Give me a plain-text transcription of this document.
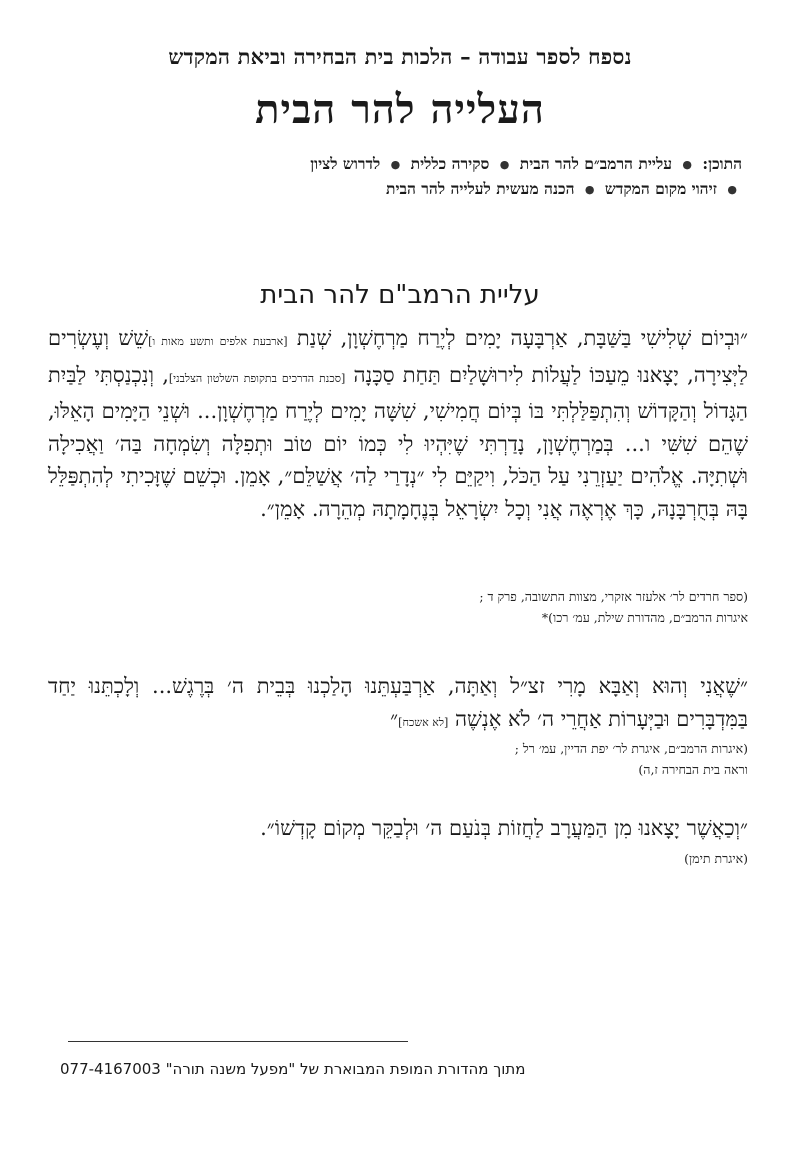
נספח לספר עבודה – הלכות בית הבחירה וביאת המקדש
העלייה להר הבית
התוכן: ● עליית הרמב״ם להר הבית ● סקירה כללית ● לדרוש לציון
● זיהוי מקום המקדש ● הכנה מעשית לעלייה להר הבית
עליית הרמב"ם להר הבית
״וּבְיוֹם שְׁלִישִׁי בַּשַּׁבָּת, אַרְבָּעָה יָמִים לְיֶרַח מַרְחֶשְׁוָן, שְׁנַת [ארבעת אלפים ותשע מאות ו]שֵׁשׁ וְעֶשְׂרִים לַיְּצִירָה, יָצָאנוּ מֵעַכּוֹ לַעֲלוֹת לִירוּשָׁלַיִם תַּחַת סַכָּנָה [סכנת הדרכים בתקופת השלטון הצלבני], וְנִכְנַסְתִּי לַבַּיִת הַגָּדוֹל וְהַקָּדוֹשׁ וְהִתְפַּלַּלְתִּי בּוֹ בְּיוֹם חֲמִישִׁי, שִׁשָּׁה יָמִים לְיֶרַח מַרְחֶשְׁוָן... וּשְׁנֵי הַיָּמִים הָאֵלּוּ, שֶׁהֵם שִׁשִּׁי ו... בְּמַרְחֶשְׁוָן, נָדַרְתִּי שֶׁיִּהְיוּ לִי כְּמוֹ יוֹם טוֹב וּתְפִלָּה וְשִׂמְחָה בַּה׳ וַאֲכִילָה וּשְׁתִיָּה. אֱלֹהִים יַעַזְרֵנִי עַל הַכֹּל, וִיקַיֵּם לִי ״נְדָרַי לַה׳ אֲשַׁלֵּם״, אָמֵן. וּכְשֵׁם שֶׁזָּכִיתִי לְהִתְפַּלֵּל בָּהּ בְּחֻרְבָּנָהּ, כָּךְ אֶרְאֶה אֲנִי וְכָל יִשְׂרָאֵל בְּנֶחָמָתָהּ מְהֵרָה. אָמֵן״.
(ספר חרדים לר׳ אלעזר אזקרי, מצוות התשובה, פרק ד ;
איגרות הרמב״ם, מהדורת שילת, עמ׳ רכו)*
״שֶׁאֲנִי וְהוּא וְאַבָּא מָרִי זצ״ל וְאַתָּה, אַרְבַּעְתֵּנוּ הָלַכְנוּ בְּבֵית ה׳ בְּרֶגֶשׁ... וְלָכְתֵּנוּ יַחַד בַּמִּדְבָּרִים וּבַיְּעָרוֹת אַחֲרֵי ה׳ לֹא אֶנְשֶׁה [לא אשכח]״
(איגרות הרמב״ם, איגרת לר׳ יפת הדיין, עמ׳ רל ;
וראה בית הבחירה ז,ה)
״וְכַאֲשֶׁר יָצָאנוּ מִן הַמַּעֲרָב לַחֲזוֹת בְּנֹעַם ה׳ וּלְבַקֵּר מְקוֹם קָדְשׁוֹ״.
(איגרת תימן)
מתוך מהדורת המופת המבוארת של "מפעל משנה תורה" 077-4167003
